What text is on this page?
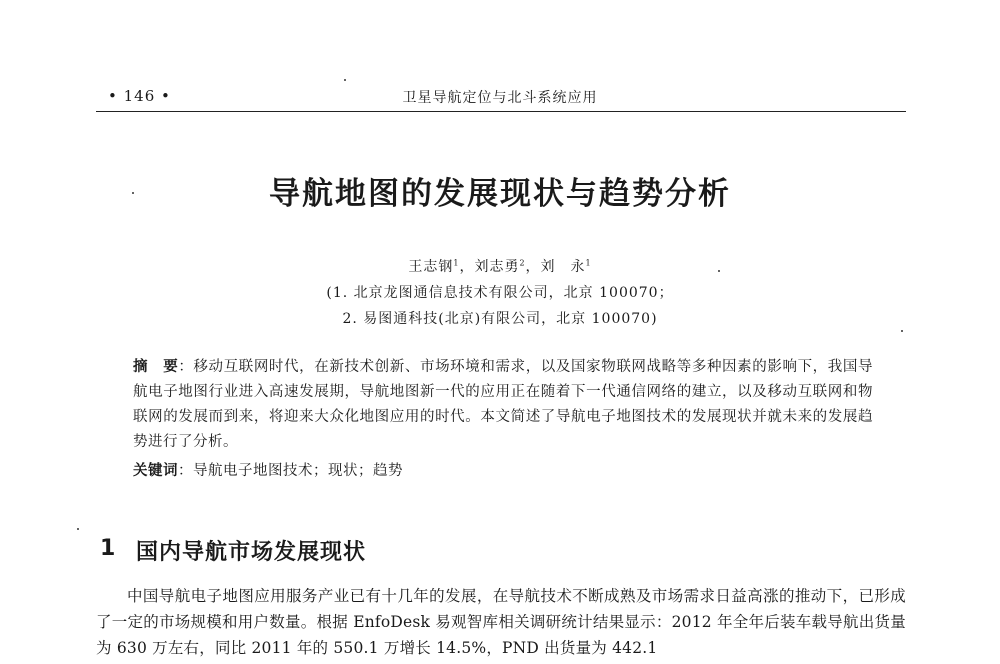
• 146 •	卫星导航定位与北斗系统应用
导航地图的发展现状与趋势分析
王志钢$^1$，刘志勇$^2$，刘　永$^1$
(1. 北京龙图通信息技术有限公司，北京 100070；
2. 易图通科技(北京)有限公司，北京 100070)
摘　要：移动互联网时代，在新技术创新、市场环境和需求，以及国家物联网战略等多种因素的影响下，我国导航电子地图行业进入高速发展期，导航地图新一代的应用正在随着下一代通信网络的建立，以及移动互联网和物联网的发展而到来，将迎来大众化地图应用的时代。本文简述了导航电子地图技术的发展现状并就未来的发展趋势进行了分析。
关键词：导航电子地图技术；现状；趋势
1 国内导航市场发展现状
中国导航电子地图应用服务产业已有十几年的发展，在导航技术不断成熟及市场需求日益高涨的推动下，已形成了一定的市场规模和用户数量。根据 EnfoDesk 易观智库相关调研统计结果显示：2012 年全年后装车载导航出货量为 630 万左右，同比 2011 年的 550.1 万增长 14.5%，PND 出货量为 442.1
